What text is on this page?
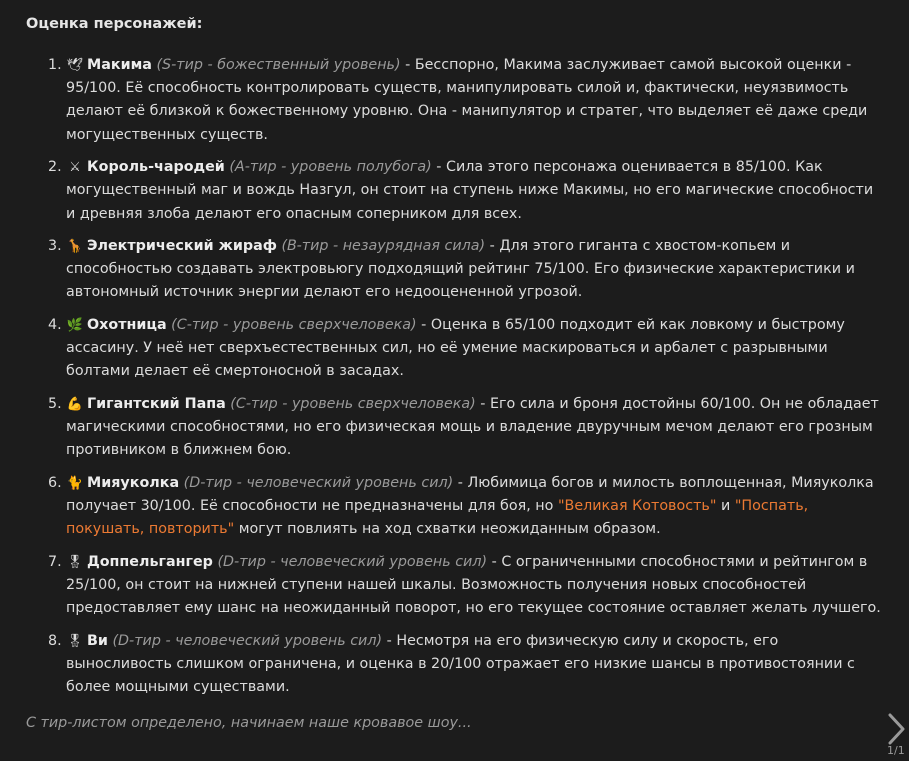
Оценка персонажей:
1. 🕊 Макима (S-тир - божественный уровень) - Бесспорно, Макима заслуживает самой высокой оценки - 95/100. Её способность контролировать существ, манипулировать силой и, фактически, неуязвимость делают её близкой к божественному уровню. Она - манипулятор и стратег, что выделяет её даже среди могущественных существ.
2. ⚔ Король-чародей (A-тир - уровень полубога) - Сила этого персонажа оценивается в 85/100. Как могущественный маг и вождь Назгул, он стоит на ступень ниже Макимы, но его магические способности и древняя злоба делают его опасным соперником для всех.
3. 🦒 Электрический жираф (B-тир - незаурядная сила) - Для этого гиганта с хвостом-копьем и способностью создавать электровьюгу подходящий рейтинг 75/100. Его физические характеристики и автономный источник энергии делают его недооцененной угрозой.
4. 🌿 Охотница (C-тир - уровень сверхчеловека) - Оценка в 65/100 подходит ей как ловкому и быстрому ассасину. У неё нет сверхъестественных сил, но её умение маскироваться и арбалет с разрывными болтами делает её смертоносной в засадах.
5. 💪 Гигантский Папа (C-тир - уровень сверхчеловека) - Его сила и броня достойны 60/100. Он не обладает магическими способностями, но его физическая мощь и владение двуручным мечом делают его грозным противником в ближнем бою.
6. 🐈 Мияуколка (D-тир - человеческий уровень сил) - Любимица богов и милость воплощенная, Мияуколка получает 30/100. Её способности не предназначены для боя, но "Великая Котовость" и "Поспать, покушать, повторить" могут повлиять на ход схватки неожиданным образом.
7. 🎖 Доппельгангер (D-тир - человеческий уровень сил) - С ограниченными способностями и рейтингом в 25/100, он стоит на нижней ступени нашей шкалы. Возможность получения новых способностей предоставляет ему шанс на неожиданный поворот, но его текущее состояние оставляет желать лучшего.
8. 🎖 Ви (D-тир - человеческий уровень сил) - Несмотря на его физическую силу и скорость, его выносливость слишком ограничена, и оценка в 20/100 отражает его низкие шансы в противостоянии с более мощными существами.
С тир-листом определено, начинаем наше кровавое шоу...
1/1
